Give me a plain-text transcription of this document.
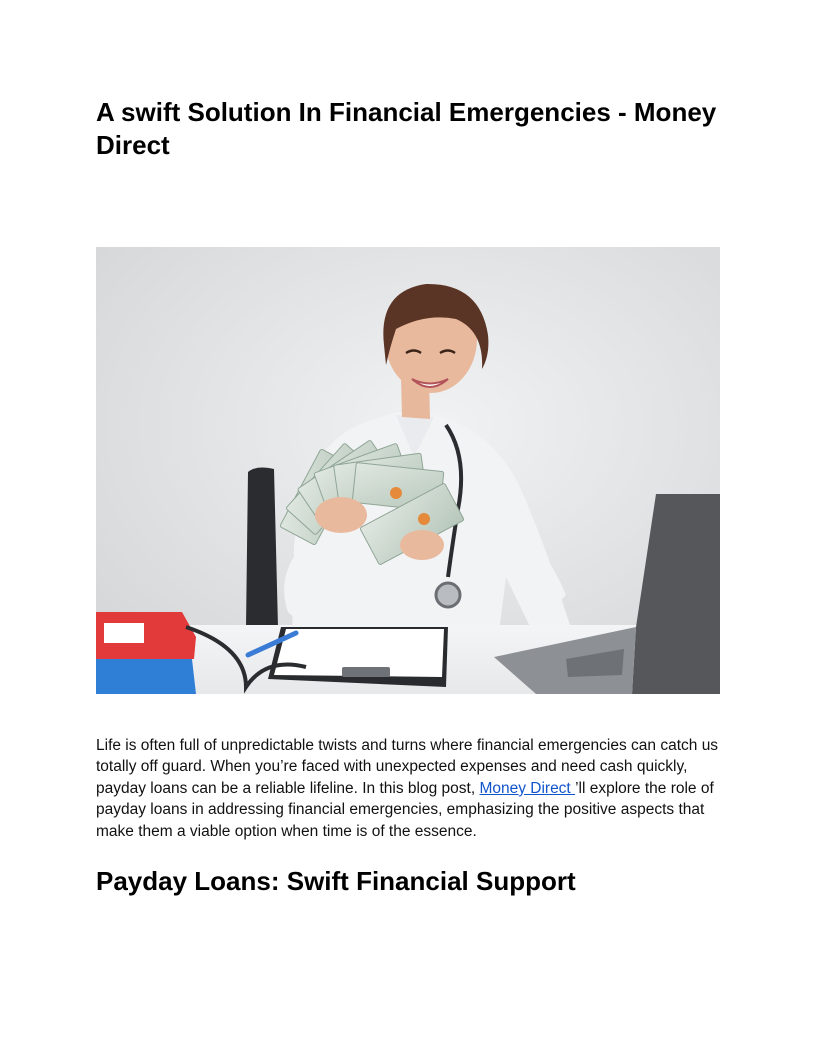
A swift Solution In Financial Emergencies - Money Direct

Life is often full of unpredictable twists and turns where financial emergencies can catch us totally off guard. When you’re faced with unexpected expenses and need cash quickly, payday loans can be a reliable lifeline. In this blog post, Money Direct ’ll explore the role of payday loans in addressing financial emergencies, emphasizing the positive aspects that make them a viable option when time is of the essence.

Payday Loans: Swift Financial Support
